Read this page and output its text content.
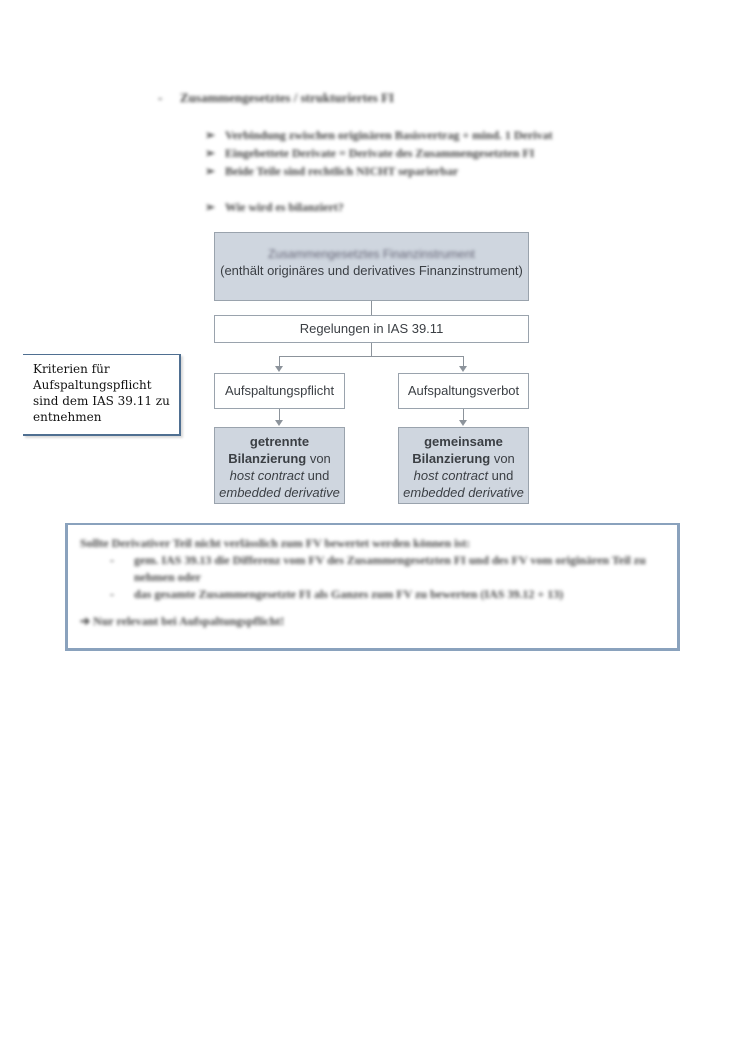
- Zusammengesetztes / strukturiertes FI
➢ Verbindung zwischen originären Basisvertrag + mind. 1 Derivat
➢ Eingebettete Derivate = Derivate des Zusammengesetzten FI
➢ Beide Teile sind rechtlich NICHT separierbar
➢ Wie wird es bilanziert?
Zusammengesetztes Finanzinstrument
(enthält originäres und derivatives Finanzinstrument)
Regelungen in IAS 39.11
Aufspaltungspflicht	Aufspaltungsverbot
getrennte
Bilanzierung von
host contract und
embedded derivative
gemeinsame
Bilanzierung von
host contract und
embedded derivative
Kriterien für
Aufspaltungspflicht
sind dem IAS 39.11 zu
entnehmen
Sollte Derivativer Teil nicht verlässlich zum FV bewertet werden können ist:
-	gem. IAS 39.13 die Differenz vom FV des Zusammengesetzten FI und des FV vom originären Teil zu nehmen oder
-	das gesamte Zusammengesetzte FI als Ganzes zum FV zu bewerten (IAS 39.12 + 13)
➔ Nur relevant bei Aufspaltungspflicht!
